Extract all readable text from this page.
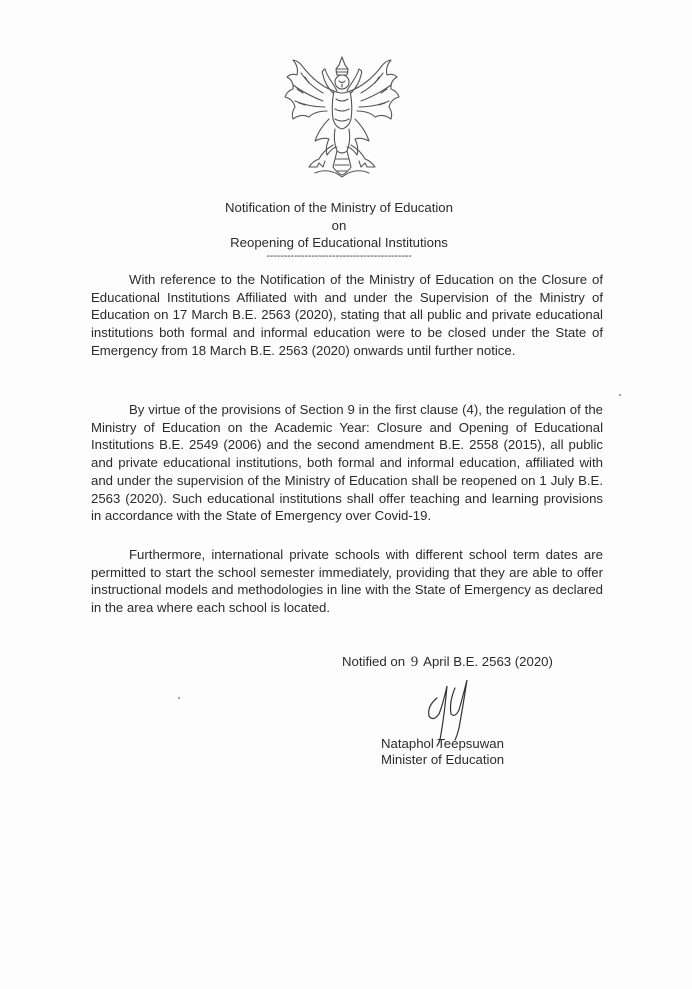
Notification of the Ministry of Education
on
Reopening of Educational Institutions
------------------------------------------

With reference to the Notification of the Ministry of Education on the Closure of Educational Institutions Affiliated with and under the Supervision of the Ministry of Education on 17 March B.E. 2563 (2020), stating that all public and private educational institutions both formal and informal education were to be closed under the State of Emergency from 18 March B.E. 2563 (2020) onwards until further notice.

By virtue of the provisions of Section 9 in the first clause (4), the regulation of the Ministry of Education on the Academic Year: Closure and Opening of Educational Institutions B.E. 2549 (2006) and the second amendment B.E. 2558 (2015), all public and private educational institutions, both formal and informal education, affiliated with and under the supervision of the Ministry of Education shall be reopened on 1 July B.E. 2563 (2020). Such educational institutions shall offer teaching and learning provisions in accordance with the State of Emergency over Covid-19.

Furthermore, international private schools with different school term dates are permitted to start the school semester immediately, providing that they are able to offer instructional models and methodologies in line with the State of Emergency as declared in the area where each school is located.

Notified on 9 April B.E. 2563 (2020)
Nataphol Teepsuwan
Minister of Education
